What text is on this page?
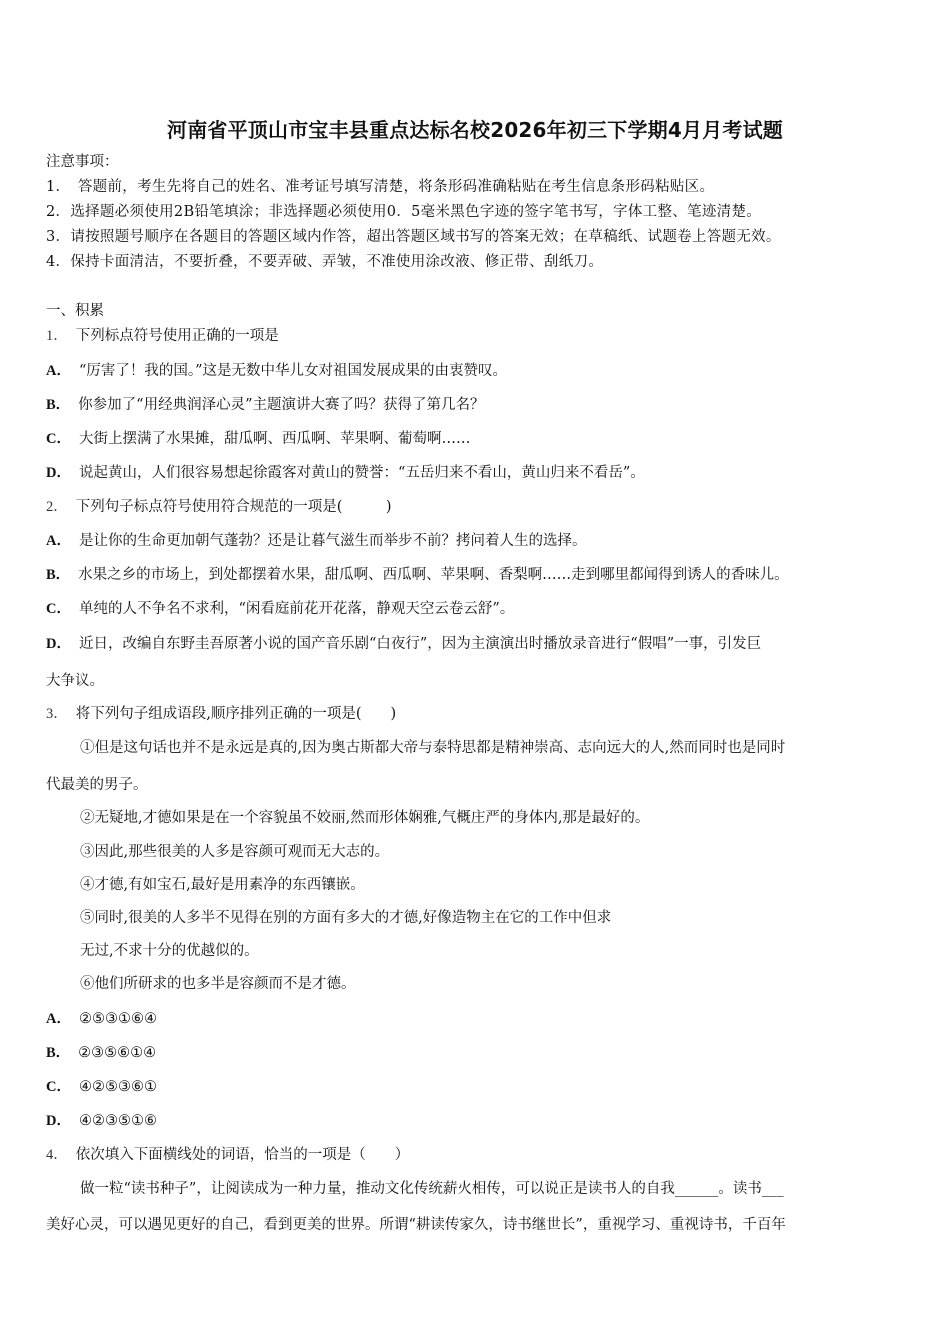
河南省平顶山市宝丰县重点达标名校2026年初三下学期4月月考试题
注意事项：
1．　答题前，考生先将自己的姓名、准考证号填写清楚，将条形码准确粘贴在考生信息条形码粘贴区。
2．选择题必须使用2B铅笔填涂；非选择题必须使用0．5毫米黑色字迹的签字笔书写，字体工整、笔迹清楚。
3．请按照题号顺序在各题目的答题区域内作答，超出答题区域书写的答案无效；在草稿纸、试题卷上答题无效。
4．保持卡面清洁，不要折叠，不要弄破、弄皱，不准使用涂改液、修正带、刮纸刀。
一、积累
1． 下列标点符号使用正确的一项是
A． “厉害了！我的国。”这是无数中华儿女对祖国发展成果的由衷赞叹。
B． 你参加了“用经典润泽心灵”主题演讲大赛了吗？获得了第几名？
C． 大街上摆满了水果摊，甜瓜啊、西瓜啊、苹果啊、葡萄啊……
D． 说起黄山，人们很容易想起徐霞客对黄山的赞誉：“五岳归来不看山，黄山归来不看岳”。
2． 下列句子标点符号使用符合规范的一项是(　　　)
A． 是让你的生命更加朝气蓬勃？还是让暮气滋生而举步不前？拷问着人生的选择。
B． 水果之乡的市场上，到处都摆着水果，甜瓜啊、西瓜啊、苹果啊、香梨啊……走到哪里都闻得到诱人的香味儿。
C． 单纯的人不争名不求利，“闲看庭前花开花落，静观天空云卷云舒”。
D． 近日，改编自东野圭吾原著小说的国产音乐剧“白夜行”，因为主演演出时播放录音进行“假唱”一事，引发巨
大争议。
3． 将下列句子组成语段,顺序排列正确的一项是(　　)
①但是这句话也并不是永远是真的,因为奥古斯都大帝与泰特思都是精神崇高、志向远大的人,然而同时也是同时
代最美的男子。
②无疑地,才德如果是在一个容貌虽不姣丽,然而形体娴雅,气概庄严的身体内,那是最好的。
③因此,那些很美的人多是容颜可观而无大志的。
④才德,有如宝石,最好是用素净的东西镶嵌。
⑤同时,很美的人多半不见得在别的方面有多大的才德,好像造物主在它的工作中但求
无过,不求十分的优越似的。
⑥他们所研求的也多半是容颜而不是才德。
A． ②⑤③①⑥④
B． ②③⑤⑥①④
C． ④②⑤③⑥①
D． ④②③⑤①⑥
4． 依次填入下面横线处的词语，恰当的一项是（　　）
做一粒“读书种子”，让阅读成为一种力量，推动文化传统薪火相传，可以说正是读书人的自我______。读书___
美好心灵，可以遇见更好的自己，看到更美的世界。所谓“耕读传家久，诗书继世长”，重视学习、重视诗书，千百年
